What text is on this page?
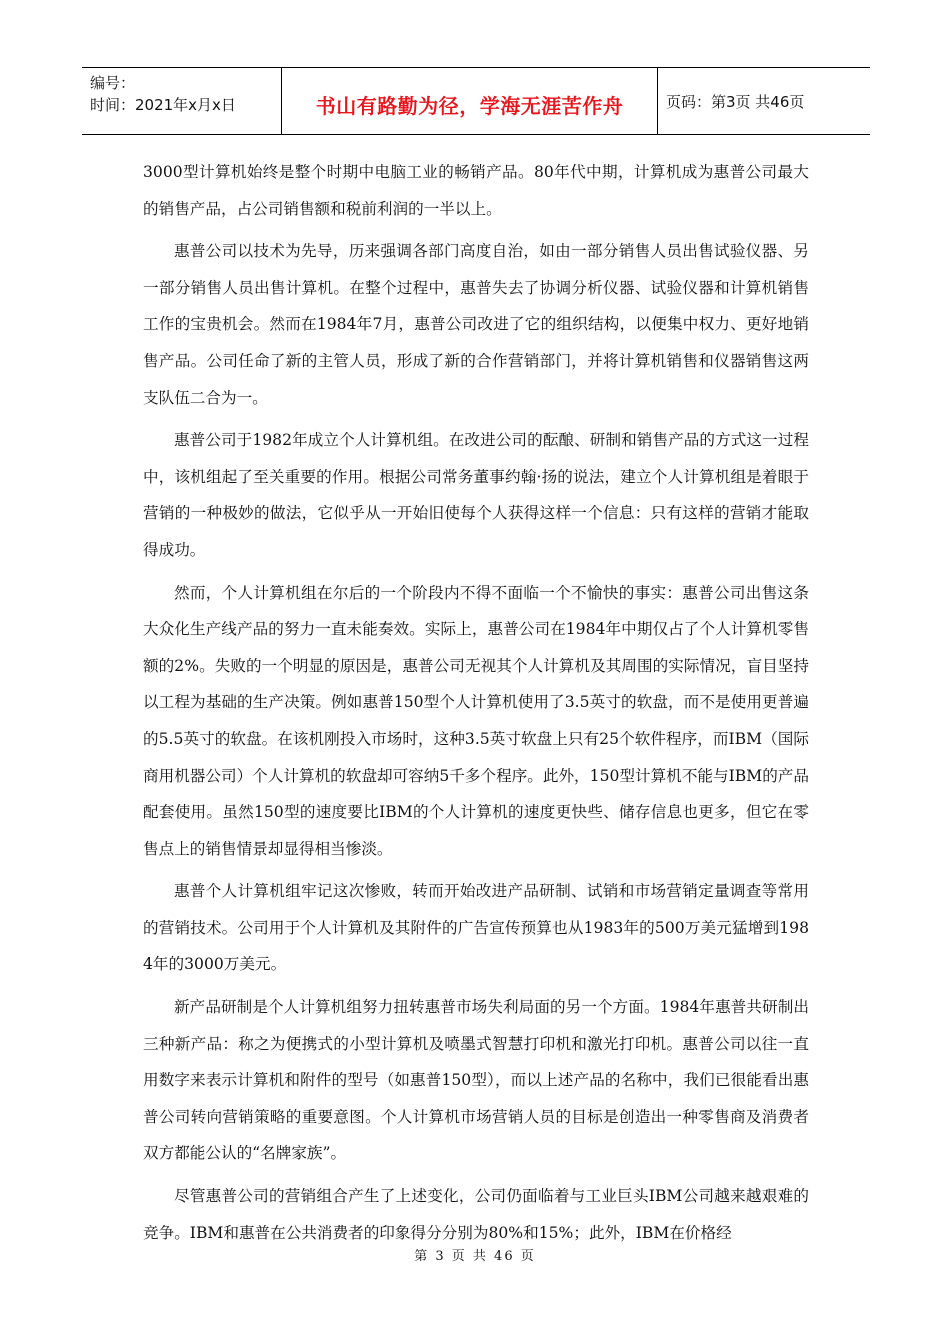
编号：
时间：2021年x月x日	书山有路勤为径，学海无涯苦作舟	页码：第3页 共46页

3000型计算机始终是整个时期中电脑工业的畅销产品。80年代中期，计算机成为惠普公司最大的销售产品，占公司销售额和税前利润的一半以上。

惠普公司以技术为先导，历来强调各部门高度自治，如由一部分销售人员出售试验仪器、另一部分销售人员出售计算机。在整个过程中，惠普失去了协调分析仪器、试验仪器和计算机销售工作的宝贵机会。然而在1984年7月，惠普公司改进了它的组织结构，以便集中权力、更好地销售产品。公司任命了新的主管人员，形成了新的合作营销部门，并将计算机销售和仪器销售这两支队伍二合为一。

惠普公司于1982年成立个人计算机组。在改进公司的酝酿、研制和销售产品的方式这一过程中，该机组起了至关重要的作用。根据公司常务董事约翰·扬的说法，建立个人计算机组是着眼于营销的一种极妙的做法，它似乎从一开始旧使每个人获得这样一个信息：只有这样的营销才能取得成功。

然而，个人计算机组在尔后的一个阶段内不得不面临一个不愉快的事实：惠普公司出售这条大众化生产线产品的努力一直未能奏效。实际上，惠普公司在1984年中期仅占了个人计算机零售额的2%。失败的一个明显的原因是，惠普公司无视其个人计算机及其周围的实际情况，盲目坚持以工程为基础的生产决策。例如惠普150型个人计算机使用了3.5英寸的软盘，而不是使用更普遍的5.5英寸的软盘。在该机刚投入市场时，这种3.5英寸软盘上只有25个软件程序，而IBM（国际商用机器公司）个人计算机的软盘却可容纳5千多个程序。此外，150型计算机不能与IBM的产品配套使用。虽然150型的速度要比IBM的个人计算机的速度更快些、储存信息也更多，但它在零售点上的销售情景却显得相当惨淡。

惠普个人计算机组牢记这次惨败，转而开始改进产品研制、试销和市场营销定量调查等常用的营销技术。公司用于个人计算机及其附件的广告宣传预算也从1983年的500万美元猛增到1984年的3000万美元。

新产品研制是个人计算机组努力扭转惠普市场失利局面的另一个方面。1984年惠普共研制出三种新产品：称之为便携式的小型计算机及喷墨式智慧打印机和激光打印机。惠普公司以往一直用数字来表示计算机和附件的型号（如惠普150型），而以上述产品的名称中，我们已很能看出惠普公司转向营销策略的重要意图。个人计算机市场营销人员的目标是创造出一种零售商及消费者双方都能公认的“名牌家族”。

尽管惠普公司的营销组合产生了上述变化，公司仍面临着与工业巨头IBM公司越来越艰难的竞争。IBM和惠普在公共消费者的印象得分分别为80%和15%；此外，IBM在价格经

第 3 页 共 46 页
